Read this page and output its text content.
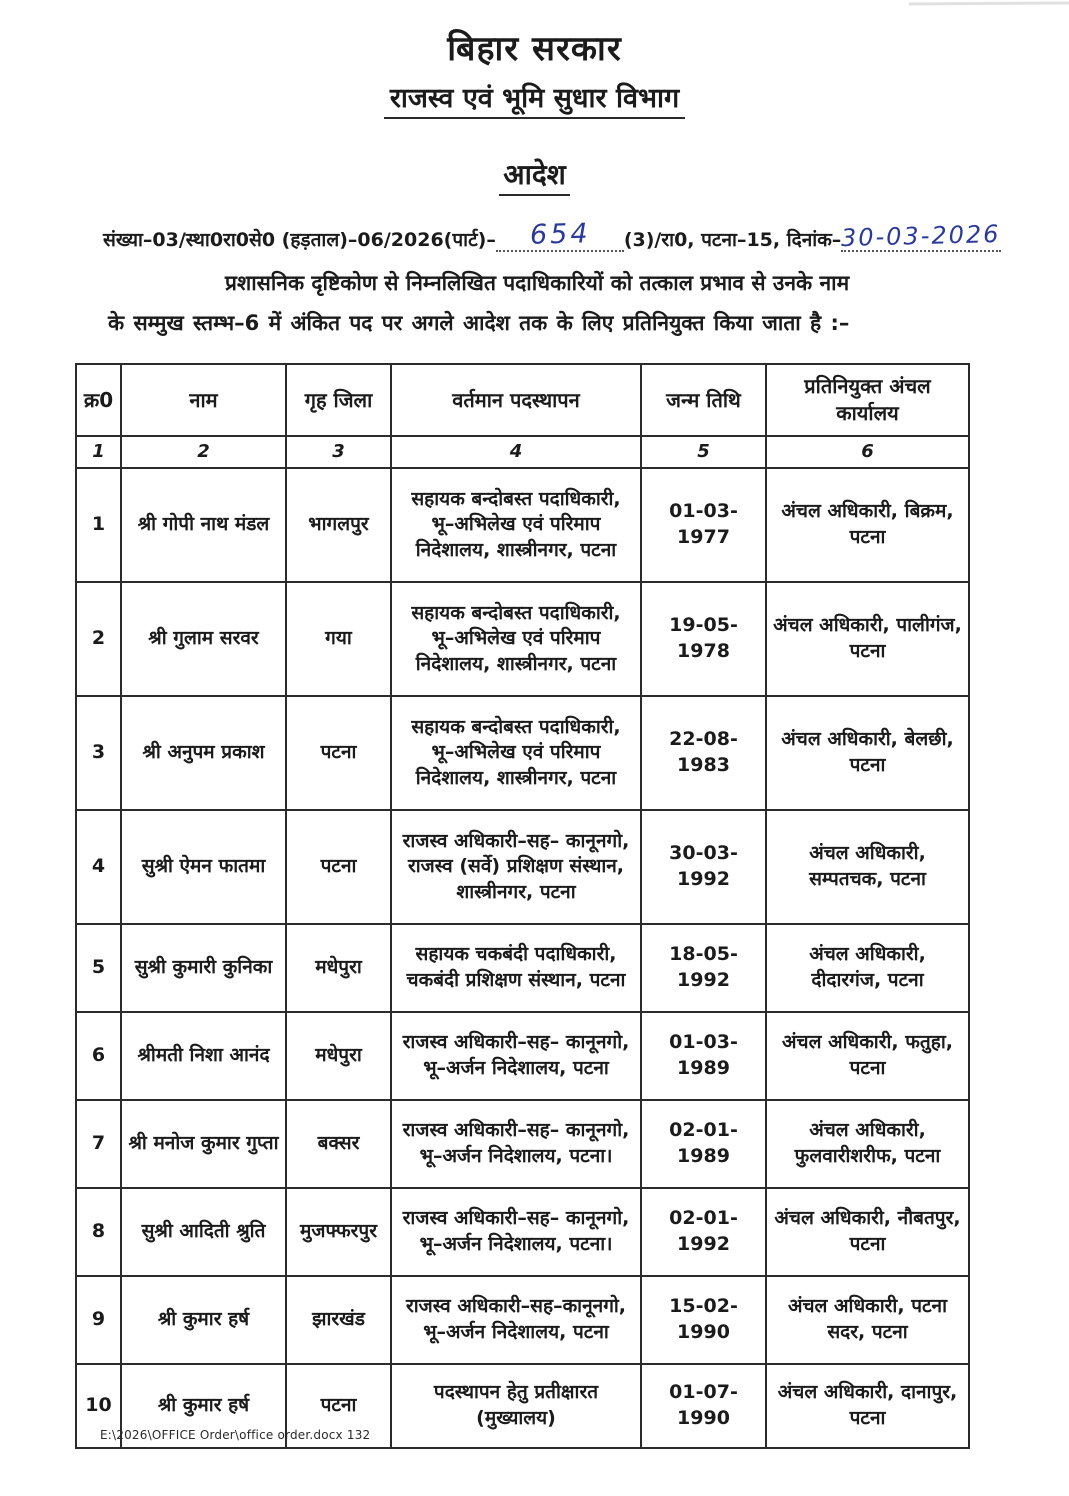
बिहार सरकार
राजस्व एवं भूमि सुधार विभाग
आदेश
संख्या–03/स्था0रा0से0 (हड़ताल)–06/2026(पार्ट)–	654	(3)/रा0, पटना–15, दिनांक– 30-03-2026
प्रशासनिक दृष्टिकोण से निम्नलिखित पदाधिकारियों को तत्काल प्रभाव से उनके नाम
के सम्मुख स्तम्भ–6 में अंकित पद पर अगले आदेश तक के लिए प्रतिनियुक्त किया जाता है :–
क्र0	नाम	गृह जिला	वर्तमान पदस्थापन	जन्म तिथि	प्रतिनियुक्त अंचल कार्यालय
1	2	3	4	5	6
1	श्री गोपी नाथ मंडल	भागलपुर	सहायक बन्दोबस्त पदाधिकारी, भू–अभिलेख एवं परिमाप निदेशालय, शास्त्रीनगर, पटना	01-03-1977	अंचल अधिकारी, बिक्रम, पटना
2	श्री गुलाम सरवर	गया	सहायक बन्दोबस्त पदाधिकारी, भू–अभिलेख एवं परिमाप निदेशालय, शास्त्रीनगर, पटना	19-05-1978	अंचल अधिकारी, पालीगंज, पटना
3	श्री अनुपम प्रकाश	पटना	सहायक बन्दोबस्त पदाधिकारी, भू–अभिलेख एवं परिमाप निदेशालय, शास्त्रीनगर, पटना	22-08-1983	अंचल अधिकारी, बेलछी, पटना
4	सुश्री ऐमन फातमा	पटना	राजस्व अधिकारी–सह– कानूनगो, राजस्व (सर्वे) प्रशिक्षण संस्थान, शास्त्रीनगर, पटना	30-03-1992	अंचल अधिकारी, सम्पतचक, पटना
5	सुश्री कुमारी कुनिका	मधेपुरा	सहायक चकबंदी पदाधिकारी, चकबंदी प्रशिक्षण संस्थान, पटना	18-05-1992	अंचल अधिकारी, दीदारगंज, पटना
6	श्रीमती निशा आनंद	मधेपुरा	राजस्व अधिकारी–सह– कानूनगो, भू–अर्जन निदेशालय, पटना	01-03-1989	अंचल अधिकारी, फतुहा, पटना
7	श्री मनोज कुमार गुप्ता	बक्सर	राजस्व अधिकारी–सह– कानूनगो, भू–अर्जन निदेशालय, पटना।	02-01-1989	अंचल अधिकारी, फुलवारीशरीफ, पटना
8	सुश्री आदिती श्रुति	मुजफ्फरपुर	राजस्व अधिकारी–सह– कानूनगो, भू–अर्जन निदेशालय, पटना।	02-01-1992	अंचल अधिकारी, नौबतपुर, पटना
9	श्री कुमार हर्ष	झारखंड	राजस्व अधिकारी–सह–कानूनगो, भू–अर्जन निदेशालय, पटना	15-02-1990	अंचल अधिकारी, पटना सदर, पटना
10	श्री कुमार हर्ष	पटना	पदस्थापन हेतु प्रतीक्षारत (मुख्यालय)	01-07-1990	अंचल अधिकारी, दानापुर, पटना
E:\2026\OFFICE Order\office order.docx 132
